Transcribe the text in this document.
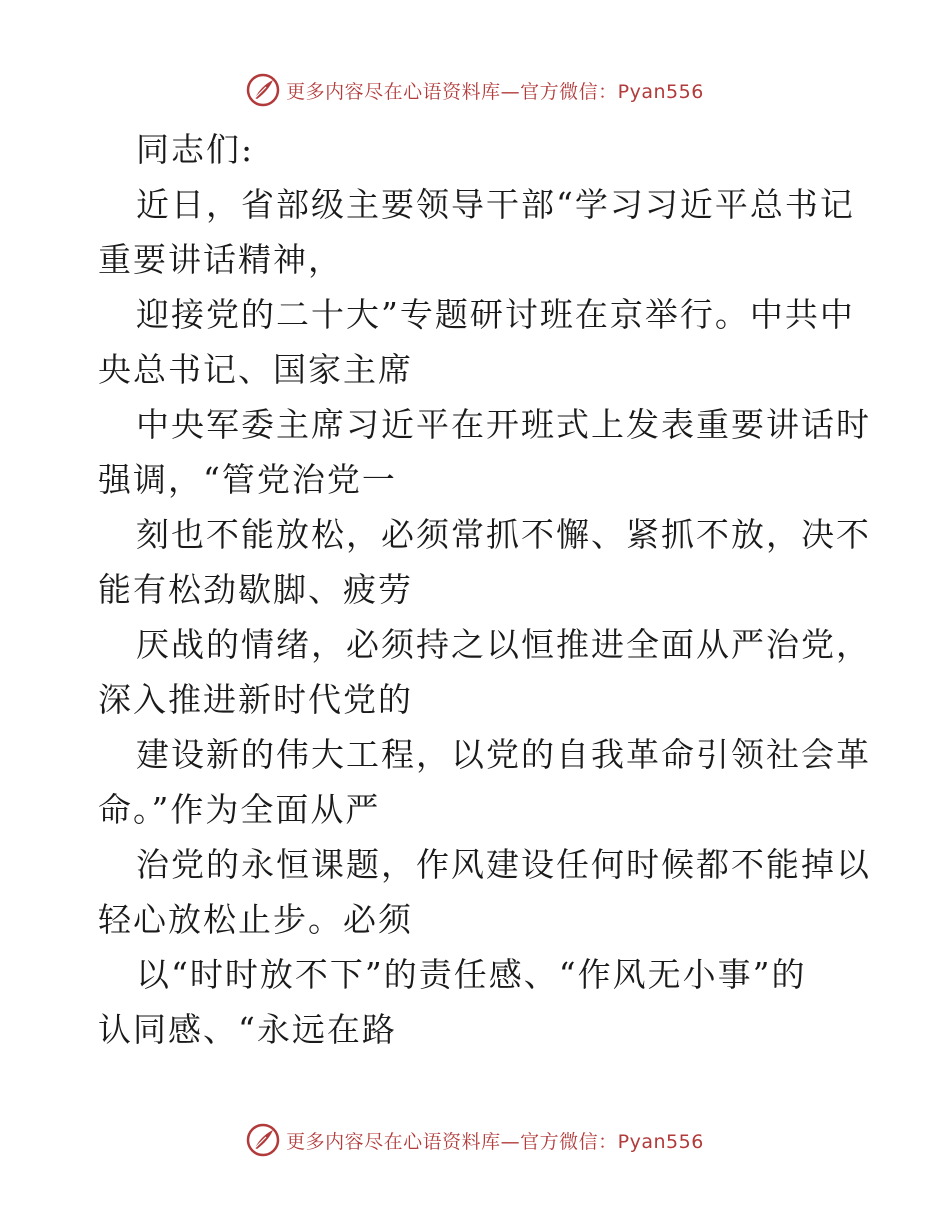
更多内容尽在心语资料库—官方微信：Pyan556
同志们:
近日，省部级主要领导干部“学习习近平总书记
重要讲话精神，
迎接党的二十大”专题研讨班在京举行。中共中
央总书记、国家主席
中央军委主席习近平在开班式上发表重要讲话时
强调，“管党治党一
刻也不能放松，必须常抓不懈、紧抓不放，决不
能有松劲歇脚、疲劳
厌战的情绪，必须持之以恒推进全面从严治党，
深入推进新时代党的
建设新的伟大工程，以党的自我革命引领社会革
命。”作为全面从严
治党的永恒课题，作风建设任何时候都不能掉以
轻心放松止步。必须
以“时时放不下”的责任感、“作风无小事”的
认同感、“永远在路
更多内容尽在心语资料库—官方微信：Pyan556
